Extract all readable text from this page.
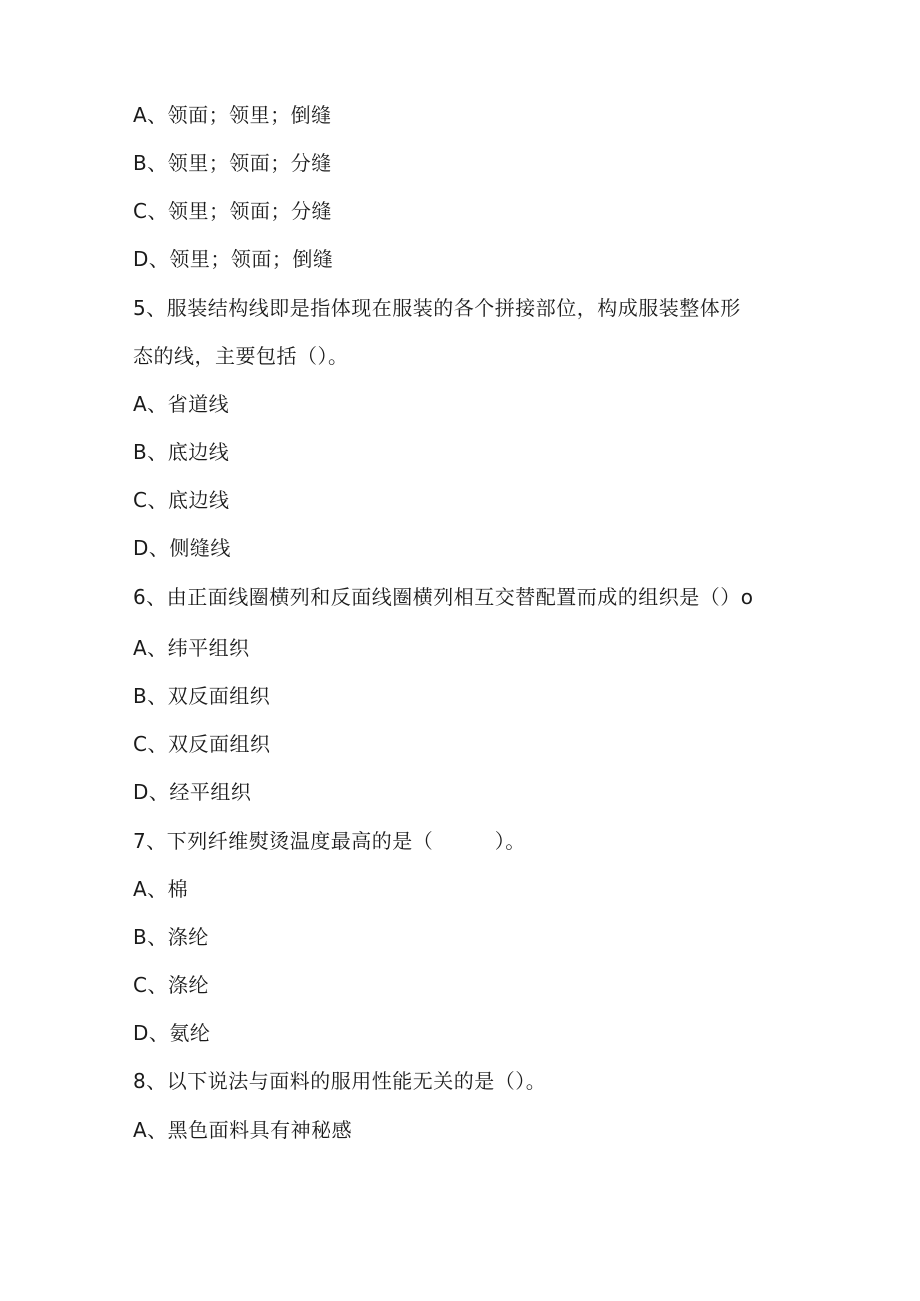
A、领面；领里；倒缝
B、领里；领面；分缝
C、领里；领面；分缝
D、领里；领面；倒缝
5、服装结构线即是指体现在服装的各个拼接部位，构成服装整体形
态的线，主要包括（）。
A、省道线
B、底边线
C、底边线
D、侧缝线
6、由正面线圈横列和反面线圈横列相互交替配置而成的组织是（）o
A、纬平组织
B、双反面组织
C、双反面组织
D、经平组织
7、下列纤维熨烫温度最高的是（　　　）。
A、棉
B、涤纶
C、涤纶
D、氨纶
8、以下说法与面料的服用性能无关的是（）。
A、黑色面料具有神秘感
